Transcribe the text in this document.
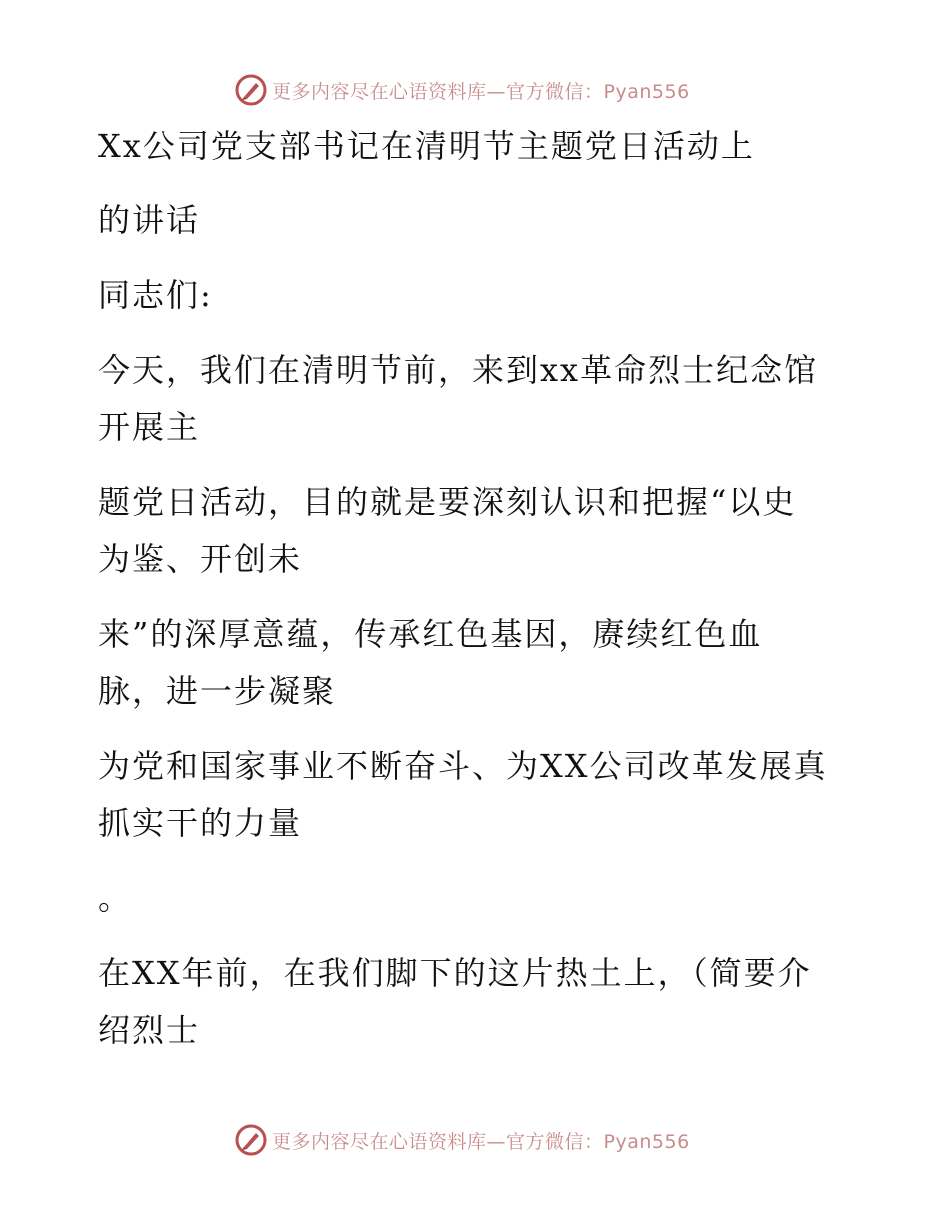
更多内容尽在心语资料库—官方微信：Pyan556
Xx公司党支部书记在清明节主题党日活动上
的讲话
同志们:
今天，我们在清明节前，来到xx革命烈士纪念馆
开展主
题党日活动，目的就是要深刻认识和把握“以史
为鉴、开创未
来”的深厚意蕴，传承红色基因，赓续红色血
脉，进一步凝聚
为党和国家事业不断奋斗、为XX公司改革发展真
抓实干的力量
。
在XX年前，在我们脚下的这片热土上，（简要介
绍烈士
更多内容尽在心语资料库—官方微信：Pyan556
